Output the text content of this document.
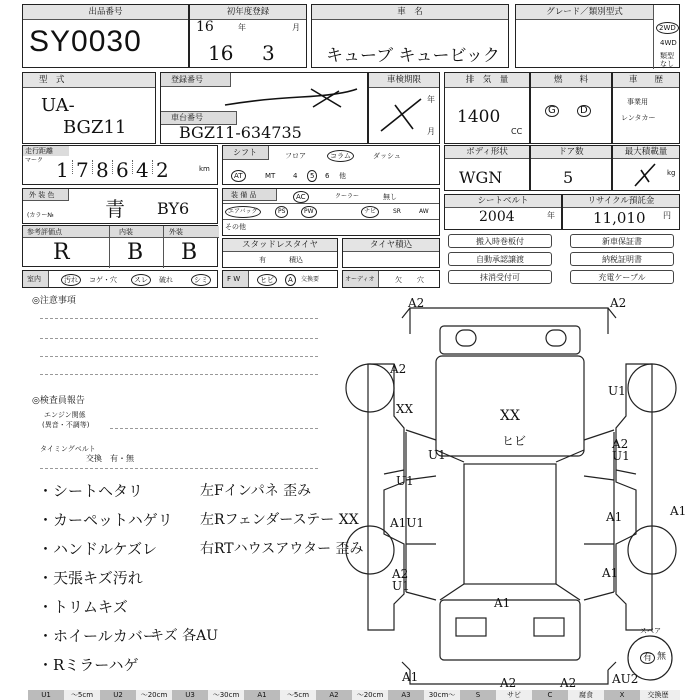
出品番号
SY0030
初年度登録
16	年	月
16 3
車　名
キューブ キュービック
グレード／類別型式
2WD
4WD
類型
なし
型　式
UA-
BGZ11
登録番号
車台番号
BGZ11-634735
車検期限
年
月
排　気　量
1400
CC
燃　　料
G	D
車　　歴
事業用
レンタカー
走行距離
マーク
km
シフト	フロア	コラム	ダッシュ
AT	MT	4	5	6 他
ボディ形状
WGN
ドア数
5
最大積載量
kg
外 装 色
(カラー№	青 BY6
装 備 品	AC	クーラー	無し
エアバッグ	PS	PW	ナビ	SR	AW
その他
シートベルト
2004	年
リサイクル預託金
11,010 円
参考評価点	内装	外装
R	B B	スタッドレスタイヤ
有	積込
タイヤ積込	搬入時巻板付	新車保証書
自動承認譲渡	納税証明書
抹消受付可	充電ケーブル
室内	汚れ	コゲ・穴	スレ	破れ	シミ	F W	ヒビ	A	交換要	オーディオ	欠 穴
◎注意事項
◎検査員報告
エンジン関係
(異音・不調等)
タイミングベルト
交換　有・無
A2	A2
A2
XX	XX
ヒビ
U1
A2
U1
U1
A1U1	A1
A1
A2
U1
A1
A2	A2
A1	AU2
A1
U1
スペア
有 無
U1	～5cm	U2	～20cm	U3	～30cm	A1	～5cm	A2	～20cm	A3	30cm～	S	サビ	C	腐食	X	交換歴
1 7 8 6 4 2
・シートヘタリ	左Fインパネ 歪み
・カーペットハゲリ 左Rフェンダーステー XX
・ハンドルケズレ	右RTハウスアウター 歪み
・天張キズ汚れ
・トリムキズ
・ホイールカバー
キズ 各AU
・Rミラーハゲ
